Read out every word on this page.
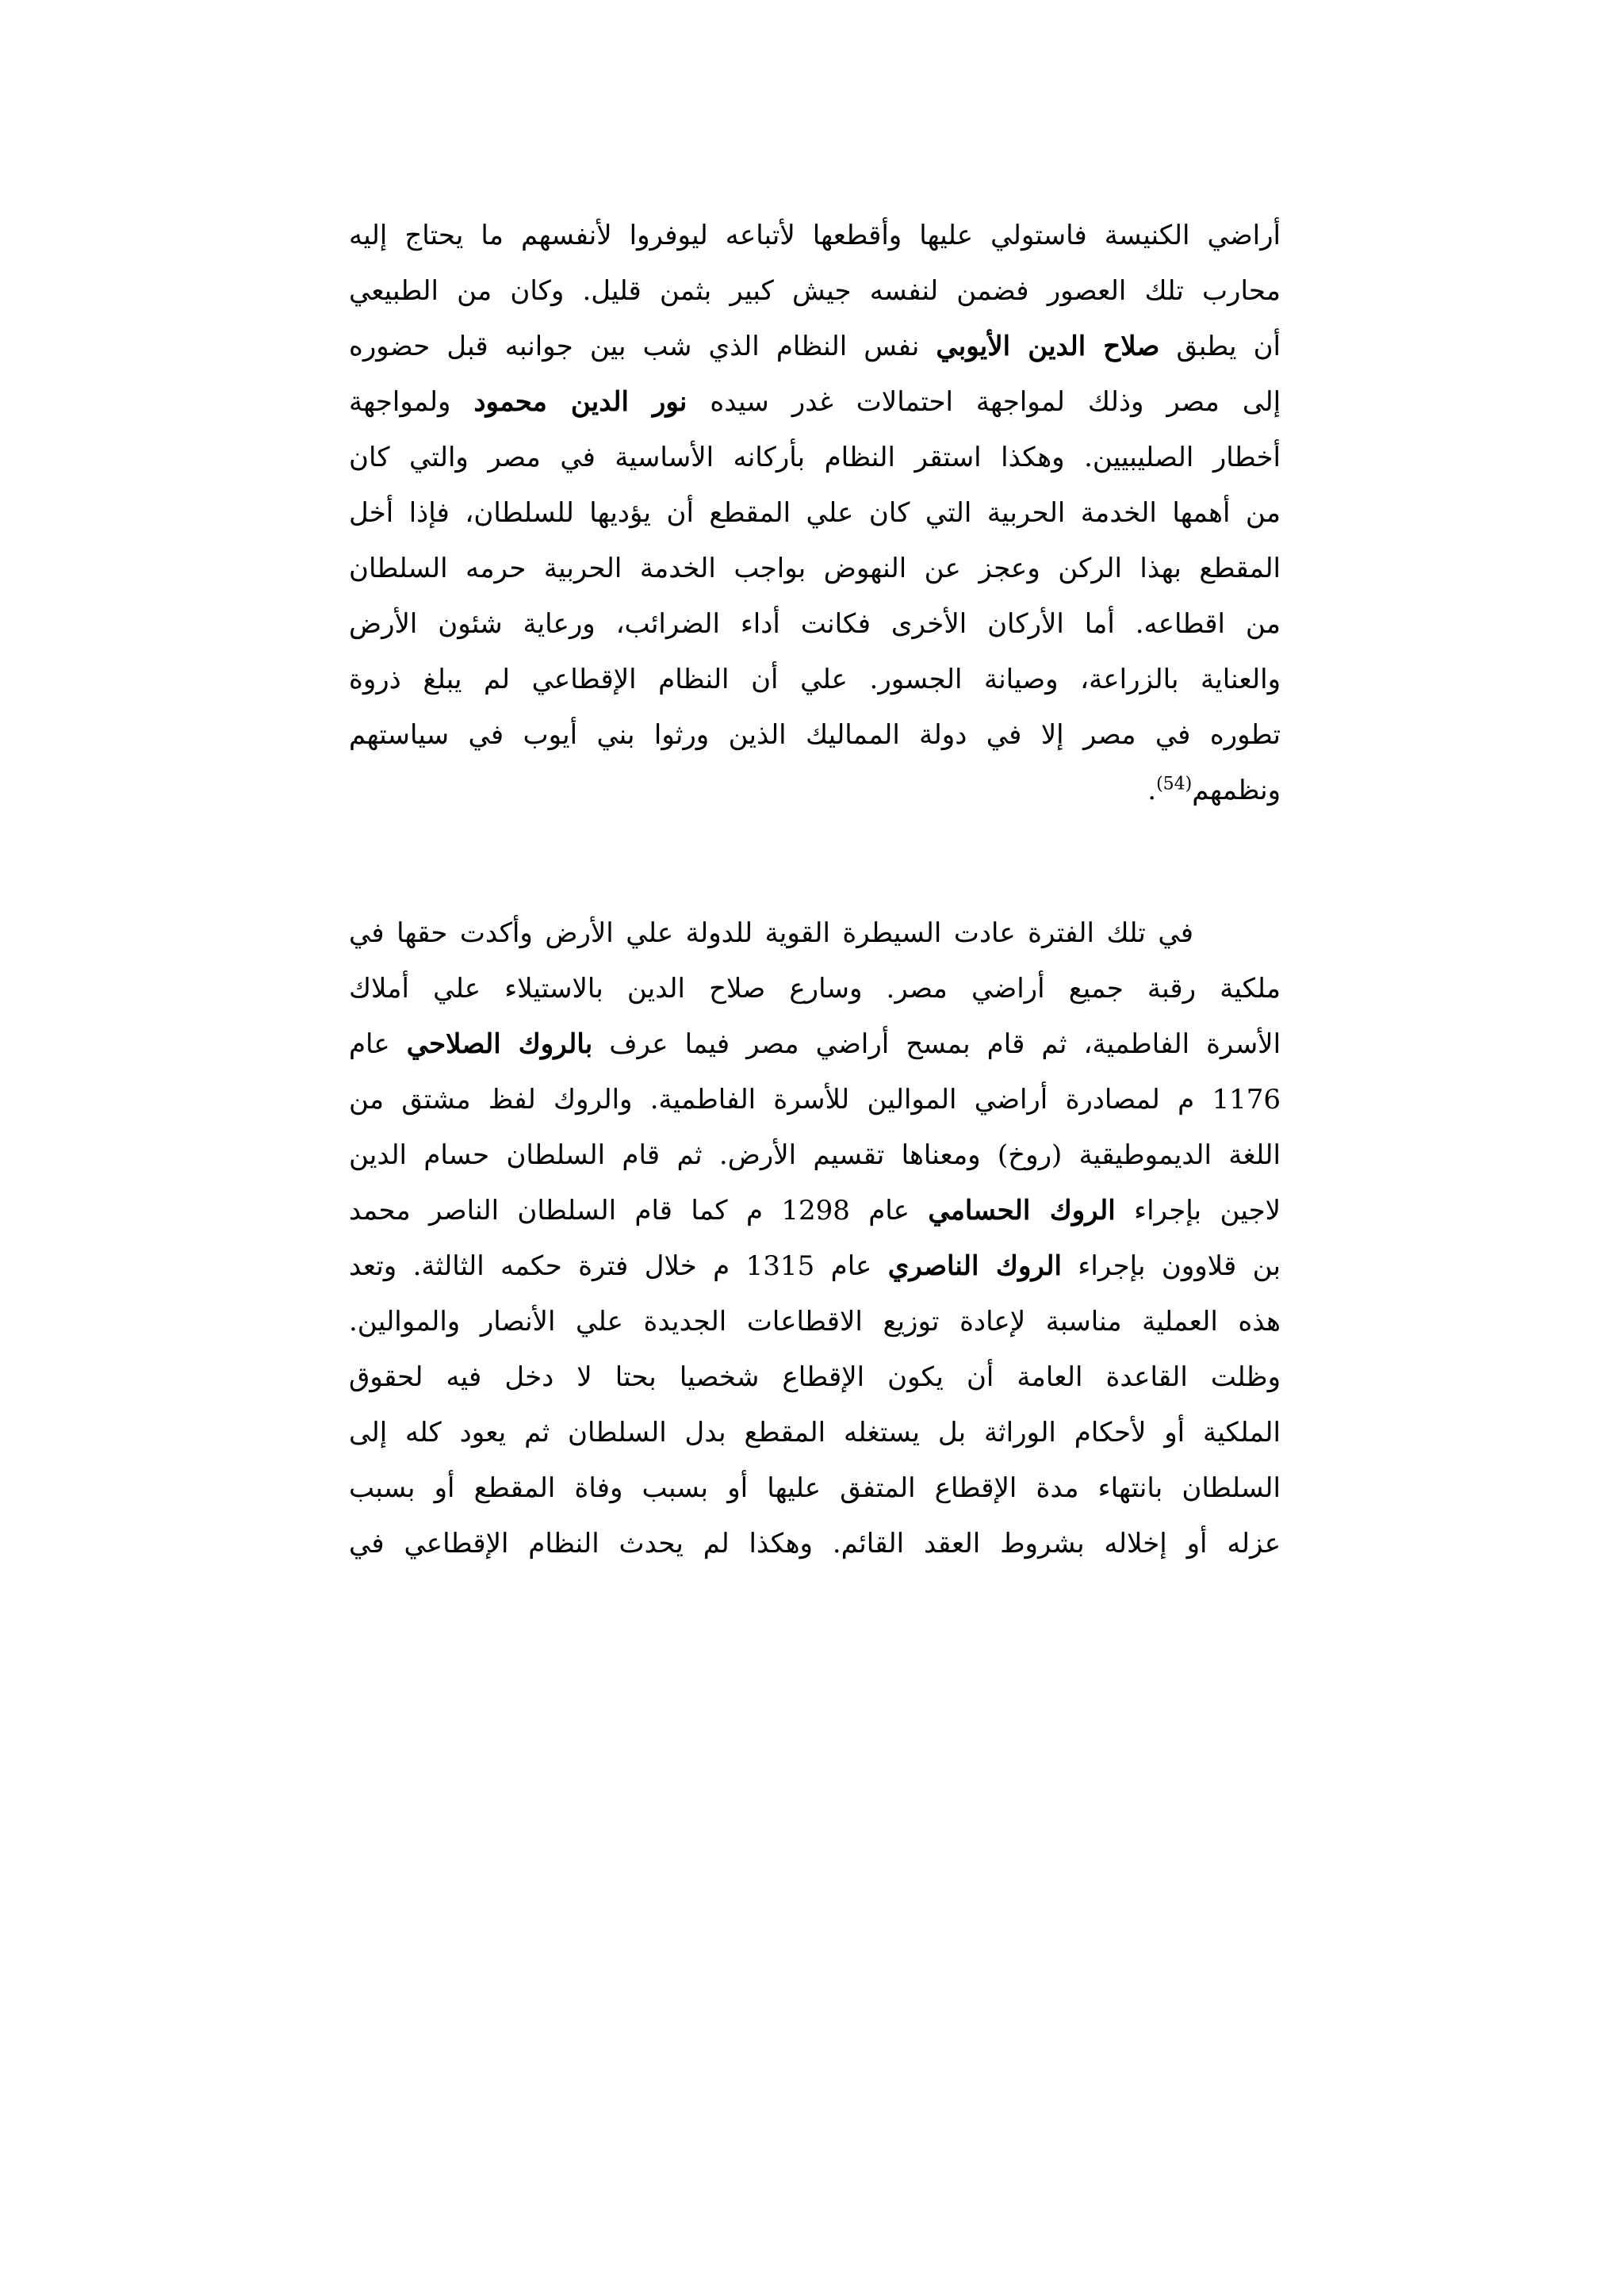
أراضي الكنيسة فاستولي عليها وأقطعها لأتباعه ليوفروا لأنفسهم ما يحتاج إليه
محارب تلك العصور فضمن لنفسه جيش كبير بثمن قليل. وكان من الطبيعي
أن يطبق صلاح الدين الأيوبي نفس النظام الذي شب بين جوانبه قبل حضوره
إلى مصر وذلك لمواجهة احتمالات غدر سيده نور الدين محمود ولمواجهة
أخطار الصليبيين. وهكذا استقر النظام بأركانه الأساسية في مصر والتي كان
من أهمها الخدمة الحربية التي كان علي المقطع أن يؤديها للسلطان، فإذا أخل
المقطع بهذا الركن وعجز عن النهوض بواجب الخدمة الحربية حرمه السلطان
من اقطاعه. أما الأركان الأخرى فكانت أداء الضرائب، ورعاية شئون الأرض
والعناية بالزراعة، وصيانة الجسور. علي أن النظام الإقطاعي لم يبلغ ذروة
تطوره في مصر إلا في دولة المماليك الذين ورثوا بني أيوب في سياستهم
ونظمهم$^{(54)}$.

في تلك الفترة عادت السيطرة القوية للدولة علي الأرض وأكدت حقها في
ملكية رقبة جميع أراضي مصر. وسارع صلاح الدين بالاستيلاء علي أملاك
الأسرة الفاطمية، ثم قام بمسح أراضي مصر فيما عرف بالروك الصلاحي عام
1176 م لمصادرة أراضي الموالين للأسرة الفاطمية. والروك لفظ مشتق من
اللغة الديموطيقية (روخ) ومعناها تقسيم الأرض. ثم قام السلطان حسام الدين
لاجين بإجراء الروك الحسامي عام 1298 م كما قام السلطان الناصر محمد
بن قلاوون بإجراء الروك الناصري عام 1315 م خلال فترة حكمه الثالثة. وتعد
هذه العملية مناسبة لإعادة توزيع الاقطاعات الجديدة علي الأنصار والموالين.
وظلت القاعدة العامة أن يكون الإقطاع شخصيا بحتا لا دخل فيه لحقوق
الملكية أو لأحكام الوراثة بل يستغله المقطع بدل السلطان ثم يعود كله إلى
السلطان بانتهاء مدة الإقطاع المتفق عليها أو بسبب وفاة المقطع أو بسبب
عزله أو إخلاله بشروط العقد القائم. وهكذا لم يحدث النظام الإقطاعي في
